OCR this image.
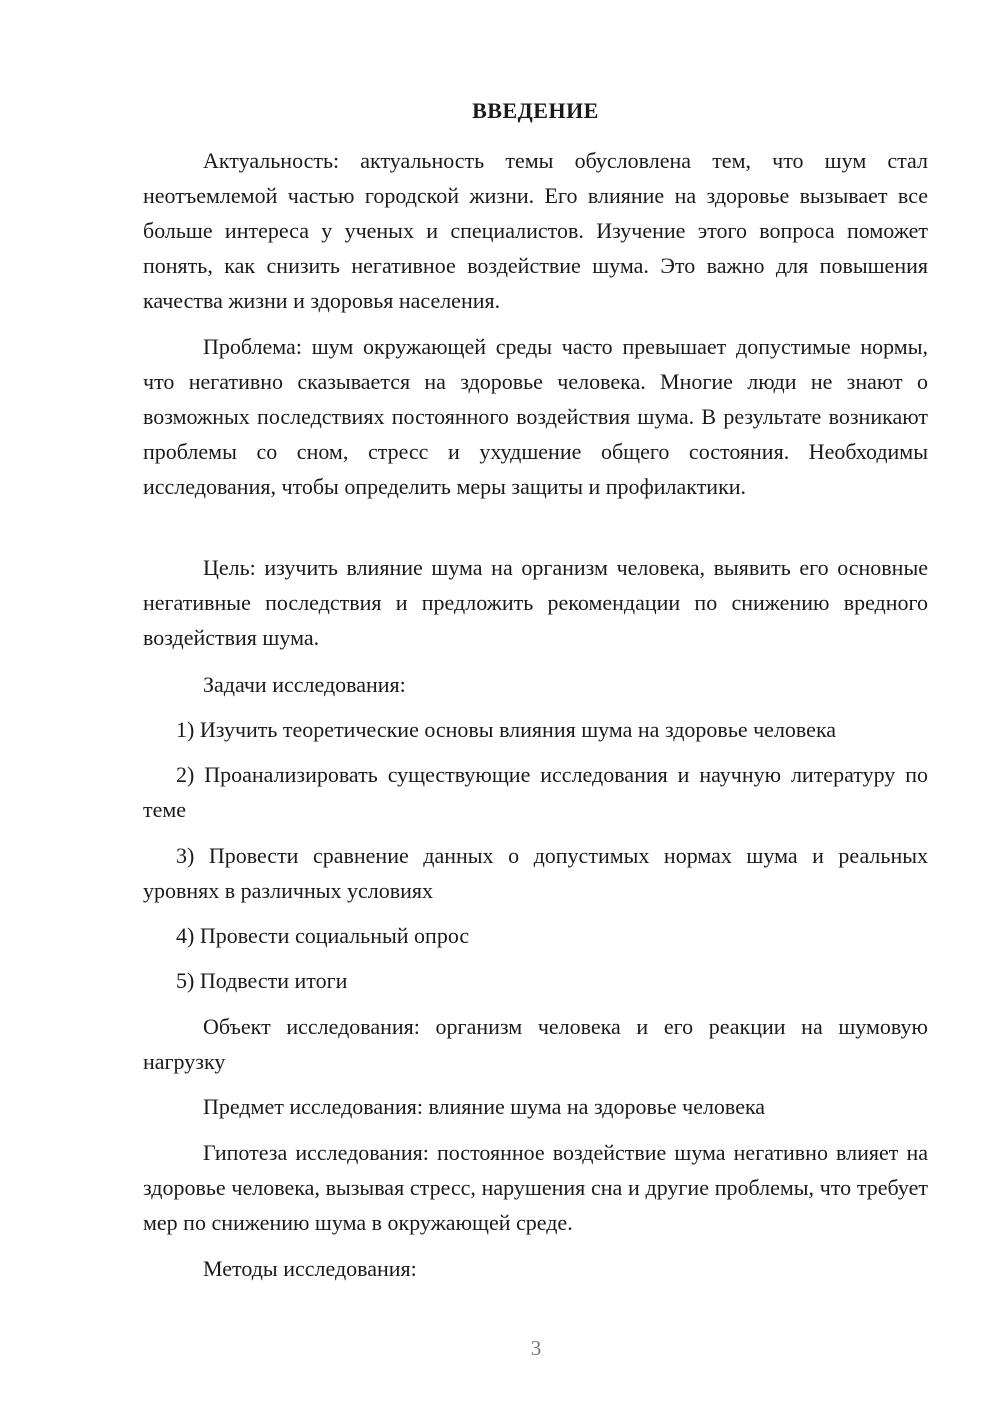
ВВЕДЕНИЕ

Актуальность: актуальность темы обусловлена тем, что шум стал неотъемлемой частью городской жизни. Его влияние на здоровье вызывает все больше интереса у ученых и специалистов. Изучение этого вопроса поможет понять, как снизить негативное воздействие шума. Это важно для повышения качества жизни и здоровья населения.

Проблема: шум окружающей среды часто превышает допустимые нормы, что негативно сказывается на здоровье человека. Многие люди не знают о возможных последствиях постоянного воздействия шума. В результате возникают проблемы со сном, стресс и ухудшение общего состояния. Необходимы исследования, чтобы определить меры защиты и профилактики.

Цель: изучить влияние шума на организм человека, выявить его основные негативные последствия и предложить рекомендации по снижению вредного воздействия шума.

Задачи исследования:

1) Изучить теоретические основы влияния шума на здоровье человека

2) Проанализировать существующие исследования и научную литературу по теме

3) Провести сравнение данных о допустимых нормах шума и реальных уровнях в различных условиях

4) Провести социальный опрос

5) Подвести итоги

Объект исследования: организм человека и его реакции на шумовую нагрузку

Предмет исследования: влияние шума на здоровье человека

Гипотеза исследования: постоянное воздействие шума негативно влияет на здоровье человека, вызывая стресс, нарушения сна и другие проблемы, что требует мер по снижению шума в окружающей среде.

Методы исследования:

3
